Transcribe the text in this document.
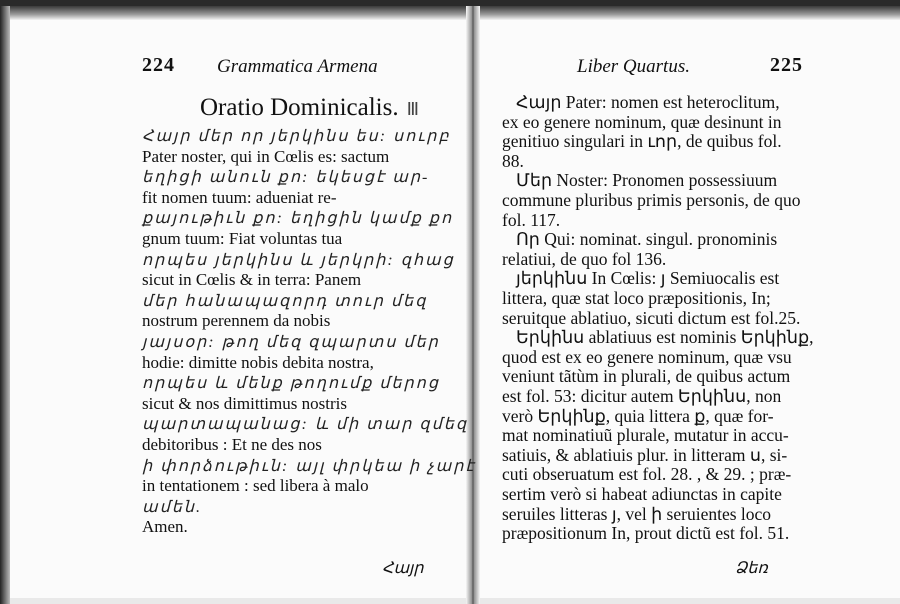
224 Grammatica Armena
Oratio Dominicalis. Ⅲ
Հայր
Հայր մեր որ յերկինս ես: սուրբ
Pater noster, qui in Cœlis es: sactum
եղիցի անուն քո: եկեսցէ ար-
fit nomen tuum: adueniat re-
քայութիւն քո: եղիցին կամք քո
gnum tuum: Fiat voluntas tua
որպես յերկինս և յերկրի: զհաց
sicut in Cœlis & in terra: Panem
մեր հանապազորդ տուր մեզ
nostrum perennem da nobis
յայսօր: թող մեզ զպարտս մեր
hodie: dimitte nobis debita nostra,
որպես և մենք թողումք մերոց
sicut & nos dimittimus nostris
պարտապանաց: և մի տար զմեզ
debitoribus : Et ne des nos
ի փորձութիւն: այլ փրկեա ի չարէ
in tentationem : sed libera à malo
ամեն.
Amen.
Liber Quartus.	225
Ձեռ
Հայր Pater: nomen est heteroclitum,
ex eo genere nominum, quæ desinunt in
genitiuo singulari in ւոր, de quibus fol.
88.
Մեր Noster: Pronomen possessiuum
commune pluribus primis personis, de quo
fol. 117.
Որ Qui: nominat. singul. pronominis
relatiui, de quo fol 136.
յերկինս In Cœlis: յ Semiuocalis est
littera, quæ stat loco præpositionis, In;
seruitque ablatiuo, sicuti dictum est fol.25.
Երկինս ablatiuus est nominis Երկինք,
quod est ex eo genere nominum, quæ vsu
veniunt tãtùm in plurali, de quibus actum
est fol. 53: dicitur autem Երկինս, non
verò Երկինք, quia littera ք, quæ for-
mat nominatiuũ plurale, mutatur in accu-
satiuis, & ablatiuis plur. in litteram ս, si-
cuti obseruatum est fol. 28. , & 29. ; præ-
sertim verò si habeat adiunctas in capite
seruiles litteras յ, vel ի seruientes loco
præpositionum In, prout dictũ est fol. 51.
